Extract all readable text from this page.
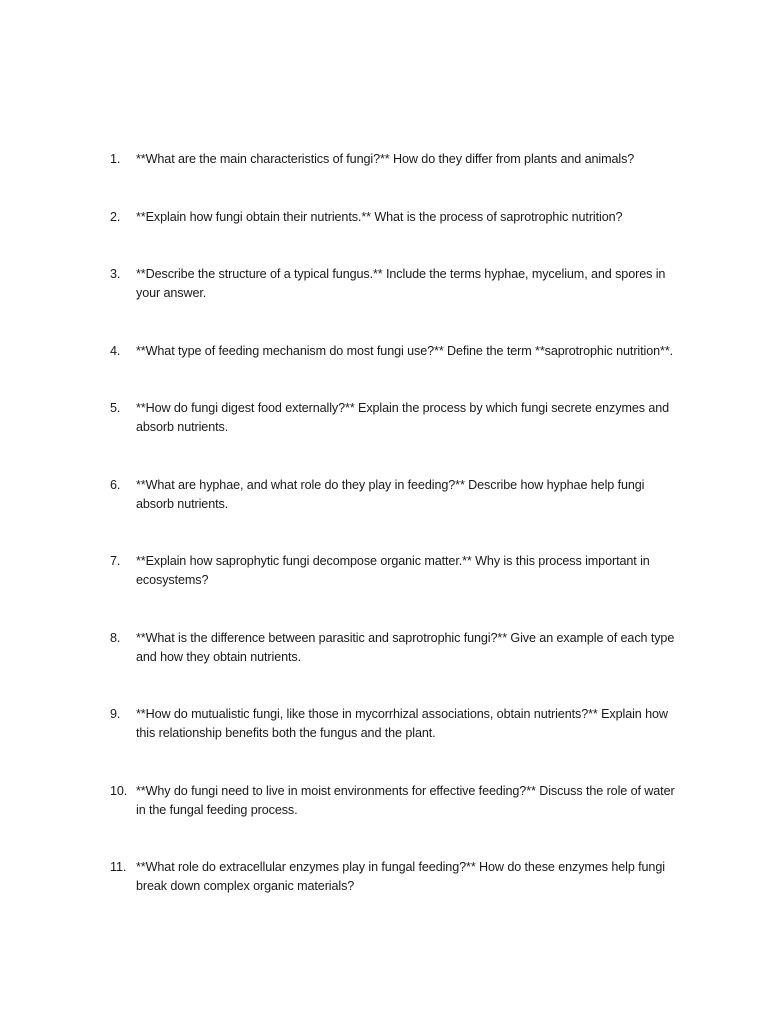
1.	**What are the main characteristics of fungi?** How do they differ from plants and animals?
2.	**Explain how fungi obtain their nutrients.** What is the process of saprotrophic nutrition?
3.	**Describe the structure of a typical fungus.** Include the terms hyphae, mycelium, and spores in your answer.
4.	**What type of feeding mechanism do most fungi use?** Define the term **saprotrophic nutrition**.
5.	**How do fungi digest food externally?** Explain the process by which fungi secrete enzymes and absorb nutrients.
6.	**What are hyphae, and what role do they play in feeding?** Describe how hyphae help fungi absorb nutrients.
7.	**Explain how saprophytic fungi decompose organic matter.** Why is this process important in ecosystems?
8.	**What is the difference between parasitic and saprotrophic fungi?** Give an example of each type and how they obtain nutrients.
9.	**How do mutualistic fungi, like those in mycorrhizal associations, obtain nutrients?** Explain how this relationship benefits both the fungus and the plant.
10. **Why do fungi need to live in moist environments for effective feeding?** Discuss the role of water in the fungal feeding process.
11. **What role do extracellular enzymes play in fungal feeding?** How do these enzymes help fungi break down complex organic materials?
